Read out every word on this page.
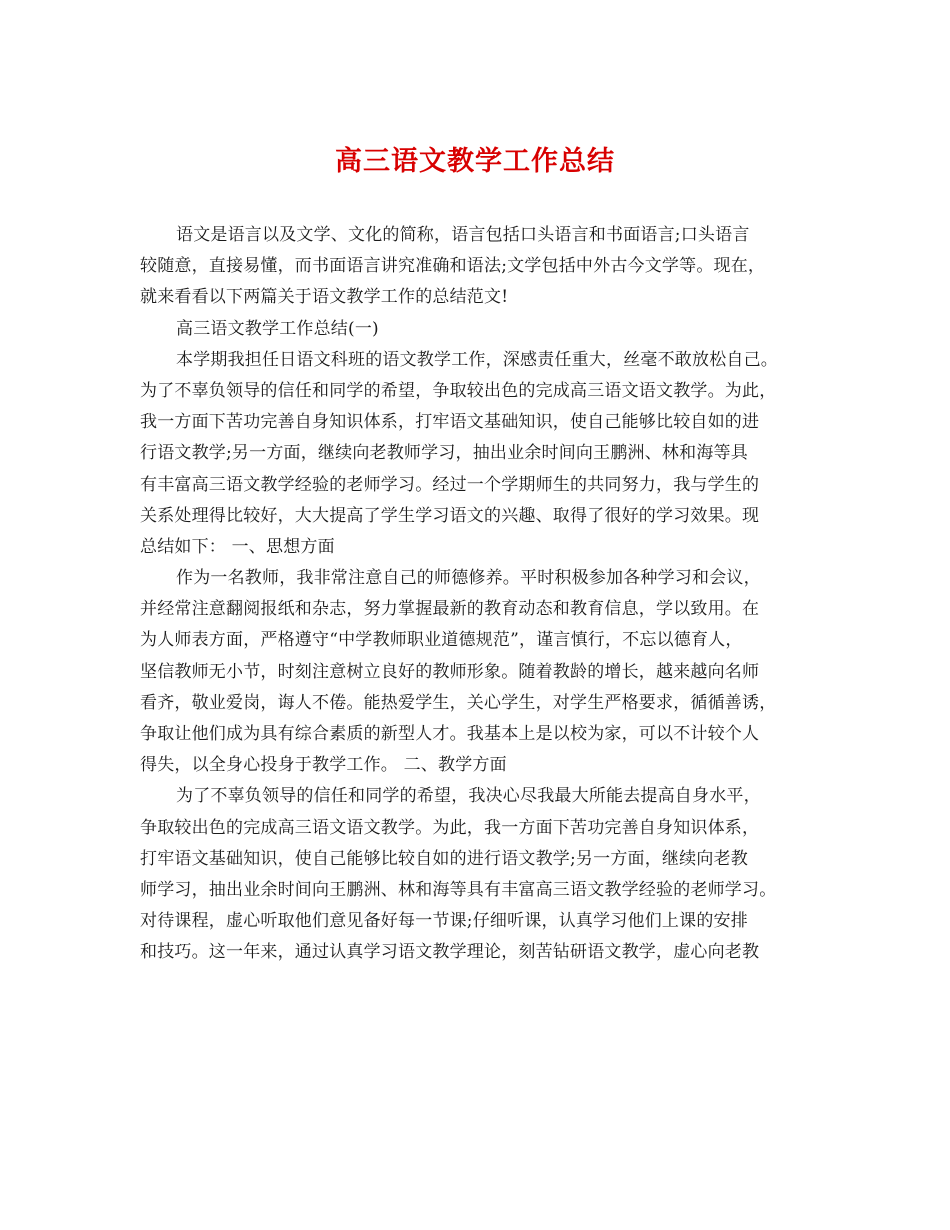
高三语文教学工作总结
语文是语言以及文学、文化的简称，语言包括口头语言和书面语言;口头语言
较随意，直接易懂，而书面语言讲究准确和语法;文学包括中外古今文学等。现在，
就来看看以下两篇关于语文教学工作的总结范文!
高三语文教学工作总结(一)
本学期我担任日语文科班的语文教学工作，深感责任重大，丝毫不敢放松自己。
为了不辜负领导的信任和同学的希望，争取较出色的完成高三语文语文教学。为此，
我一方面下苦功完善自身知识体系，打牢语文基础知识，使自己能够比较自如的进
行语文教学;另一方面，继续向老教师学习，抽出业余时间向王鹏洲、林和海等具
有丰富高三语文教学经验的老师学习。经过一个学期师生的共同努力，我与学生的
关系处理得比较好，大大提高了学生学习语文的兴趣、取得了很好的学习效果。现
总结如下： 一、思想方面
作为一名教师，我非常注意自己的师德修养。平时积极参加各种学习和会议，
并经常注意翻阅报纸和杂志，努力掌握最新的教育动态和教育信息，学以致用。在
为人师表方面，严格遵守“中学教师职业道德规范”，谨言慎行，不忘以德育人，
坚信教师无小节，时刻注意树立良好的教师形象。随着教龄的增长，越来越向名师
看齐，敬业爱岗，诲人不倦。能热爱学生，关心学生，对学生严格要求，循循善诱，
争取让他们成为具有综合素质的新型人才。我基本上是以校为家，可以不计较个人
得失，以全身心投身于教学工作。 二、教学方面
为了不辜负领导的信任和同学的希望，我决心尽我最大所能去提高自身水平，
争取较出色的完成高三语文语文教学。为此，我一方面下苦功完善自身知识体系，
打牢语文基础知识，使自己能够比较自如的进行语文教学;另一方面，继续向老教
师学习，抽出业余时间向王鹏洲、林和海等具有丰富高三语文教学经验的老师学习。
对待课程，虚心听取他们意见备好每一节课;仔细听课，认真学习他们上课的安排
和技巧。这一年来，通过认真学习语文教学理论，刻苦钻研语文教学，虚心向老教
